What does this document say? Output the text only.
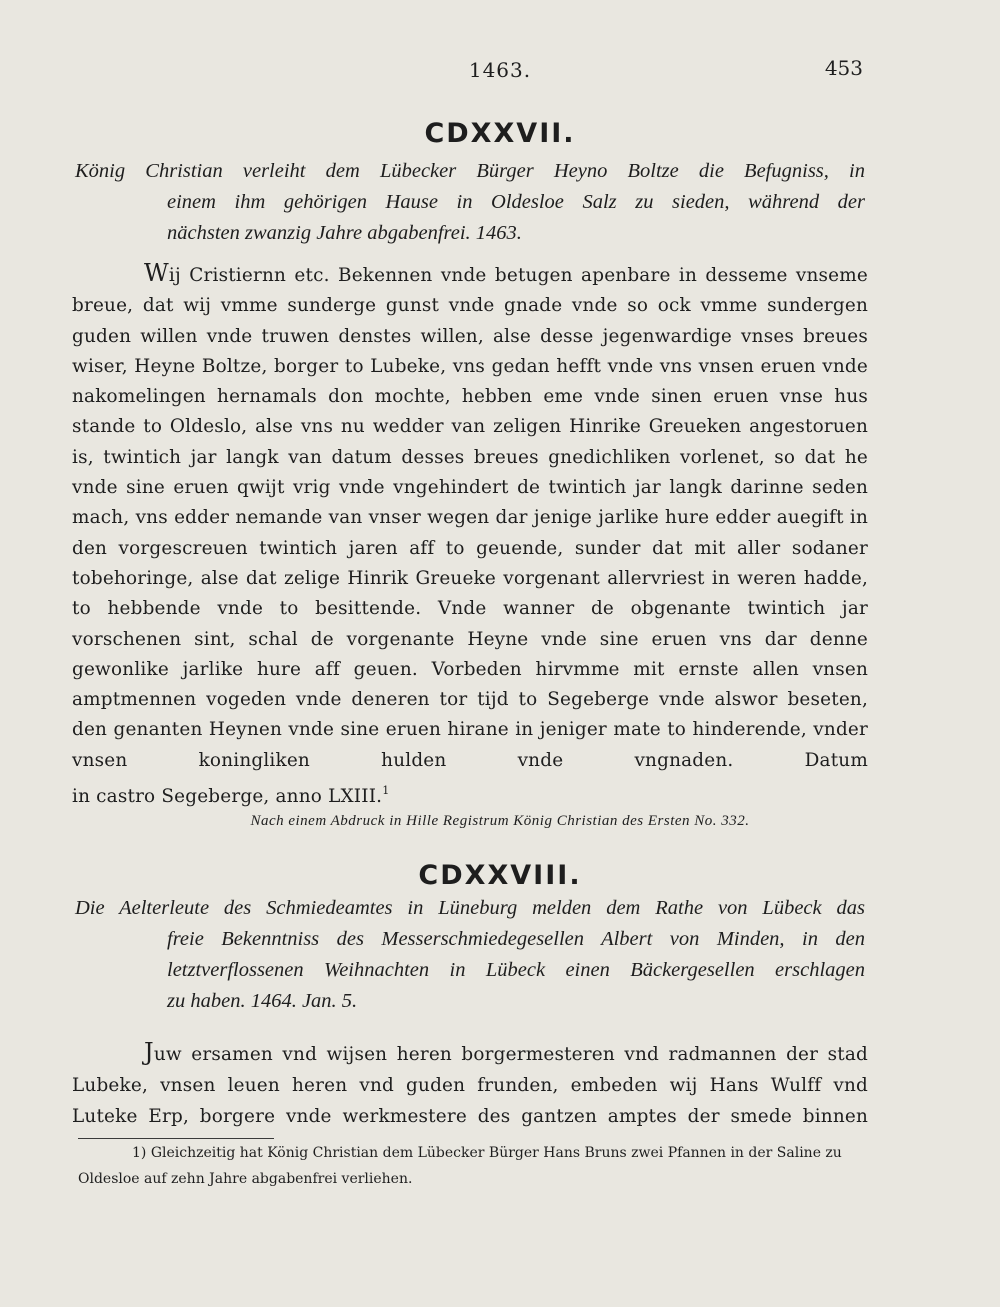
1463.	453
CDXXVII.
König Christian verleiht dem Lübecker Bürger Heyno Boltze die Befugniss, in
einem ihm gehörigen Hause in Oldesloe Salz zu sieden, während der
nächsten zwanzig Jahre abgabenfrei. 1463.
Wij Cristiernn etc. Bekennen vnde betugen apenbare in desseme vnseme breue, dat wij vmme sunderge gunst vnde gnade vnde so ock vmme sundergen guden willen vnde truwen denstes willen, alse desse jegenwardige vnses breues wiser, Heyne Boltze, borger to Lubeke, vns gedan hefft vnde vns vnsen eruen vnde nakomelingen hernamals don mochte, hebben eme vnde sinen eruen vnse hus stande to Oldeslo, alse vns nu wedder van zeligen Hinrike Greueken angestoruen is, twintich jar langk van datum desses breues gnedichliken vorlenet, so dat he vnde sine eruen qwijt vrig vnde vngehindert de twintich jar langk darinne seden mach, vns edder nemande van vnser wegen dar jenige jarlike hure edder auegift in den vorgescreuen twintich jaren aff to geuende, sunder dat mit aller sodaner tobehoringe, alse dat zelige Hinrik Greueke vorgenant allervriest in weren hadde, to hebbende vnde to besittende. Vnde wanner de obgenante twintich jar vorschenen sint, schal de vorgenante Heyne vnde sine eruen vns dar denne gewonlike jarlike hure aff geuen. Vorbeden hirvmme mit ernste allen vnsen amptmennen vogeden vnde deneren tor tijd to Segeberge vnde alswor beseten, den genanten Heynen vnde sine eruen hirane in jeniger mate to hinderende, vnder vnsen koningliken hulden vnde vngnaden. Datum
in castro Segeberge, anno LXIII.$^1$
Nach einem Abdruck in Hille Registrum König Christian des Ersten No. 332.
CDXXVIII.
Die Aelterleute des Schmiedeamtes in Lüneburg melden dem Rathe von Lübeck das
freie Bekenntniss des Messerschmiedegesellen Albert von Minden, in den
letztverflossenen Weihnachten in Lübeck einen Bäckergesellen erschlagen
zu haben. 1464. Jan. 5.
Juw ersamen vnd wijsen heren borgermesteren vnd radmannen der stad Lubeke, vnsen leuen heren vnd guden frunden, embeden wij Hans Wulff vnd Luteke Erp, borgere vnde werkmestere des gantzen amptes der smede binnen
1) Gleichzeitig hat König Christian dem Lübecker Bürger Hans Bruns zwei Pfannen in der Saline zu Oldesloe auf zehn Jahre abgabenfrei verliehen.
